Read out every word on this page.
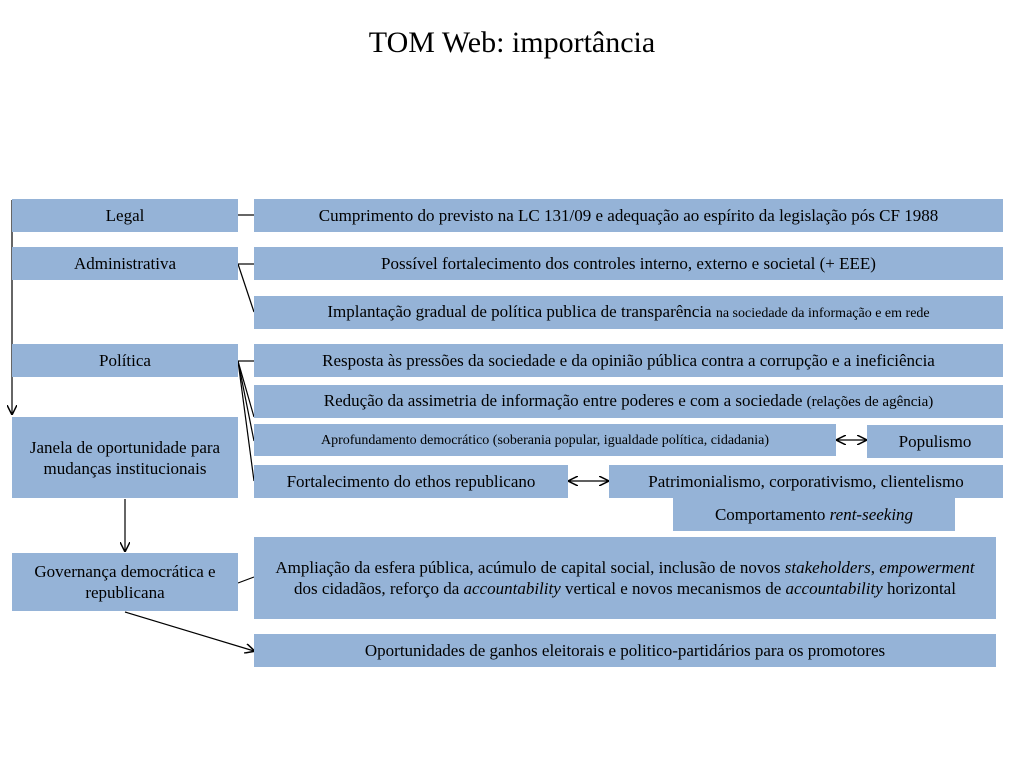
TOM Web: importância
Legal
Administrativa
Política
Janela de oportunidade para mudanças institucionais
Governança democrática e republicana
Cumprimento do previsto na LC 131/09 e adequação ao espírito da legislação pós CF 1988
Possível fortalecimento dos controles interno, externo e societal (+ EEE)
Implantação gradual de política publica de transparência na sociedade da informação e em rede
Resposta às pressões da sociedade e da opinião pública contra a corrupção e a ineficiência
Redução da assimetria de informação entre poderes e com a sociedade (relações de agência)
Aprofundamento democrático (soberania popular, igualdade política, cidadania)	Populismo
Fortalecimento do ethos republicano	Patrimonialismo, corporativismo, clientelismo
Comportamento rent-seeking
Ampliação da esfera pública, acúmulo de capital social, inclusão de novos stakeholders, empowerment dos cidadãos, reforço da accountability vertical e novos mecanismos de accountability horizontal
Oportunidades de ganhos eleitorais e politico-partidários para os promotores
